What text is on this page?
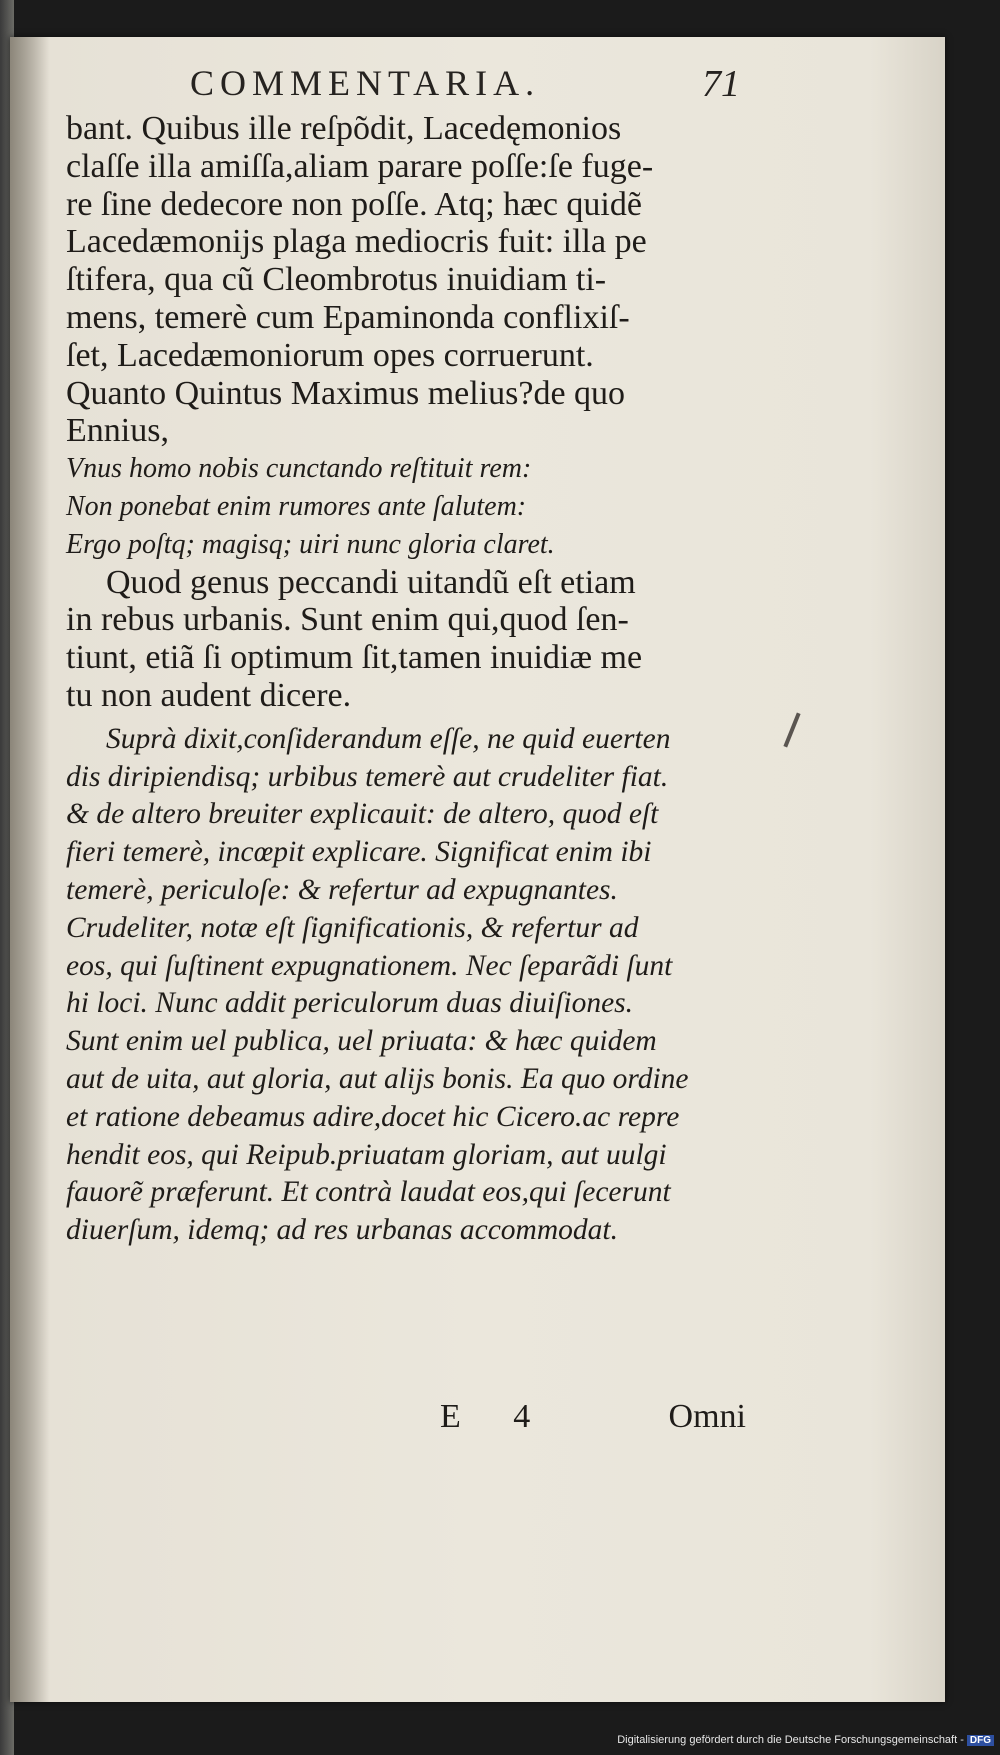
COMMENTARIA.	71
bant. Quibus ille reſpõdit, Lacedęmonios
claſſe illa amiſſa,aliam parare poſſe:ſe fuge-
re ſine dedecore non poſſe. Atq; hæc quidẽ
Lacedæmonijs plaga mediocris fuit: illa pe
ſtifera, qua cũ Cleombrotus inuidiam ti-
mens, temerè cum Epaminonda conflixiſ-
ſet, Lacedæmoniorum opes corruerunt.
Quanto Quintus Maximus melius?de quo
Ennius,
Vnus homo nobis cunctando reſtituit rem:
Non ponebat enim rumores ante ſalutem:
Ergo poſtq; magisq; uiri nunc gloria claret.
Quod genus peccandi uitandũ eſt etiam
in rebus urbanis. Sunt enim qui,quod ſen-
tiunt, etiã ſi optimum ſit,tamen inuidiæ me
tu non audent dicere.
Suprà dixit,conſiderandum eſſe, ne quid euerten
dis diripiendisq; urbibus temerè aut crudeliter fiat.
& de altero breuiter explicauit: de altero, quod eſt
fieri temerè, incœpit explicare. Significat enim ibi
temerè, periculoſe: & refertur ad expugnantes.
Crudeliter, notæ eſt ſignificationis, & refertur ad
eos, qui ſuſtinent expugnationem. Nec ſeparãdi ſunt
hi loci. Nunc addit periculorum duas diuiſiones.
Sunt enim uel publica, uel priuata: & hæc quidem
aut de uita, aut gloria, aut alijs bonis. Ea quo ordine
et ratione debeamus adire,docet hic Cicero.ac repre
hendit eos, qui Reipub.priuatam gloriam, aut uulgi
fauorẽ præferunt. Et contrà laudat eos,qui ſecerunt
diuerſum, idemq; ad res urbanas accommodat.
E 4	Omni
Digitalisierung gefördert durch die Deutsche Forschungsgemeinschaft - DFG
